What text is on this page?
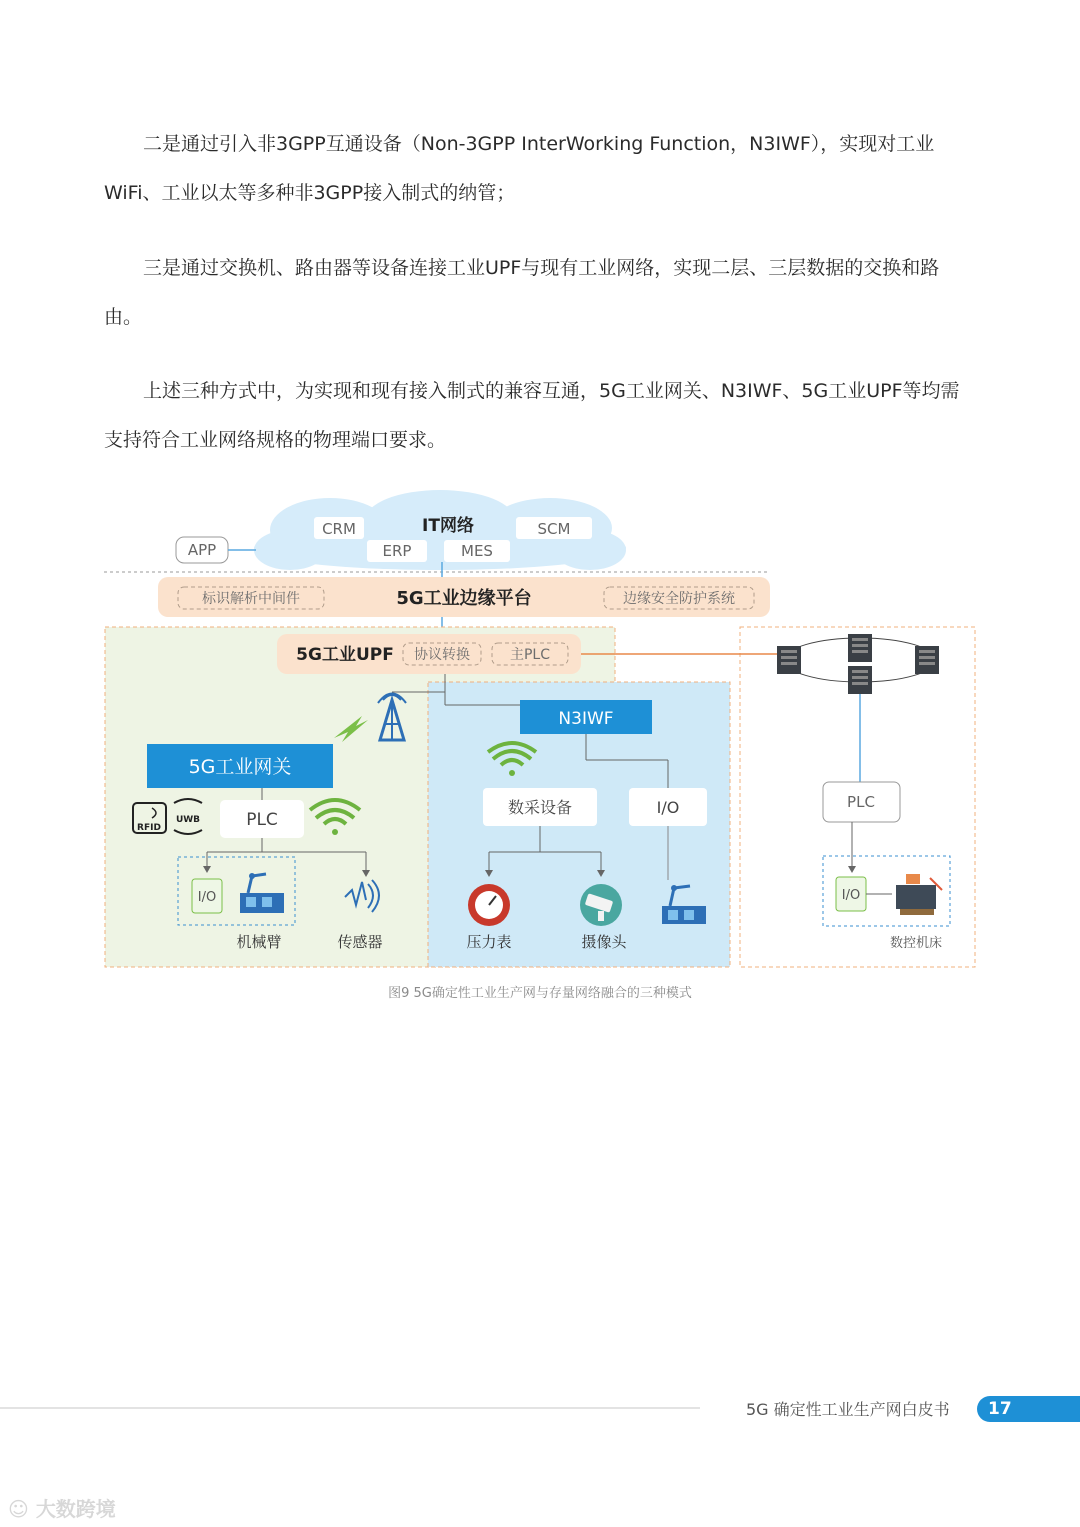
二是通过引入非3GPP互通设备（Non-3GPP InterWorking Function，N3IWF），实现对工业WiFi、工业以太等多种非3GPP接入制式的纳管；

三是通过交换机、路由器等设备连接工业UPF与现有工业网络，实现二层、三层数据的交换和路由。

上述三种方式中，为实现和现有接入制式的兼容互通，5G工业网关、N3IWF、5G工业UPF等均需支持符合工业网络规格的物理端口要求。

IT网络
CRM	SCM
ERP	MES
APP
标识解析中间件	5G工业边缘平台	边缘安全防护系统
5G工业UPF 协议转换	主PLC
PLC
I/O
数控机床
5G工业网关
RFID
UWB	PLC
I/O
机械臂	传感器
N3IWF
数采设备	I/O
压力表	摄像头
图9 5G确定性工业生产网与存量网络融合的三种模式
5G 确定性工业生产网白皮书	17
☺ 大数跨境
